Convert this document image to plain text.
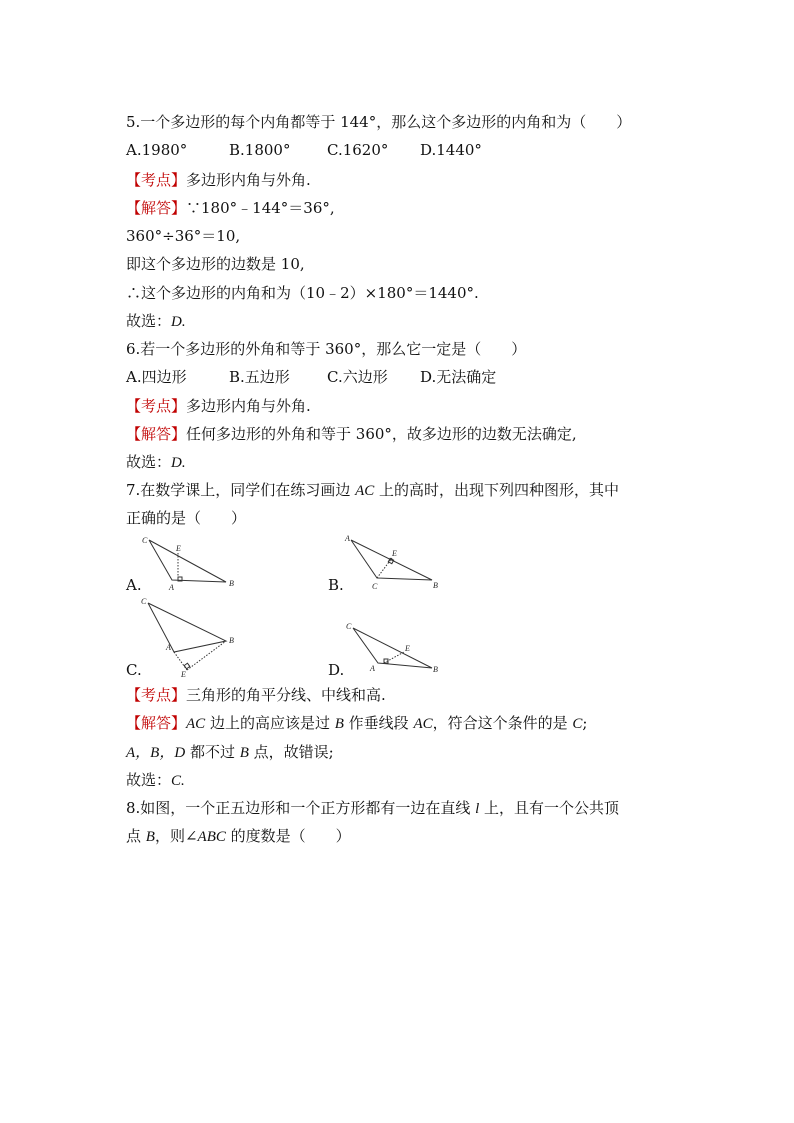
5.一个多边形的每个内角都等于 144°，那么这个多边形的内角和为（　　）
A.1980°	B.1800° C.1620° D.1440°
【考点】多边形内角与外角.
【解答】∵180°﹣144°＝36°,
360°÷36°＝10,
即这个多边形的边数是 10,
∴这个多边形的内角和为（10﹣2）×180°＝1440°.
故选：D.
6.若一个多边形的外角和等于 360°，那么它一定是（　　）
A.四边形	B.五边形 C.六边形 D.无法确定
【考点】多边形内角与外角.
【解答】任何多边形的外角和等于 360°，故多边形的边数无法确定,
故选：D.
7.在数学课上，同学们在练习画边 AC 上的高时，出现下列四种图形，其中
正确的是（　　）
A.	B.
C.	D.
C
E
A	B
A
E
C	B
C
B
A
E
C
E
A	B
【考点】三角形的角平分线、中线和高.
【解答】AC 边上的高应该是过 B 作垂线段 AC，符合这个条件的是 C;
A，B，D 都不过 B 点，故错误;
故选：C.
8.如图，一个正五边形和一个正方形都有一边在直线 l 上，且有一个公共顶
点 B，则∠ABC 的度数是（　　）
